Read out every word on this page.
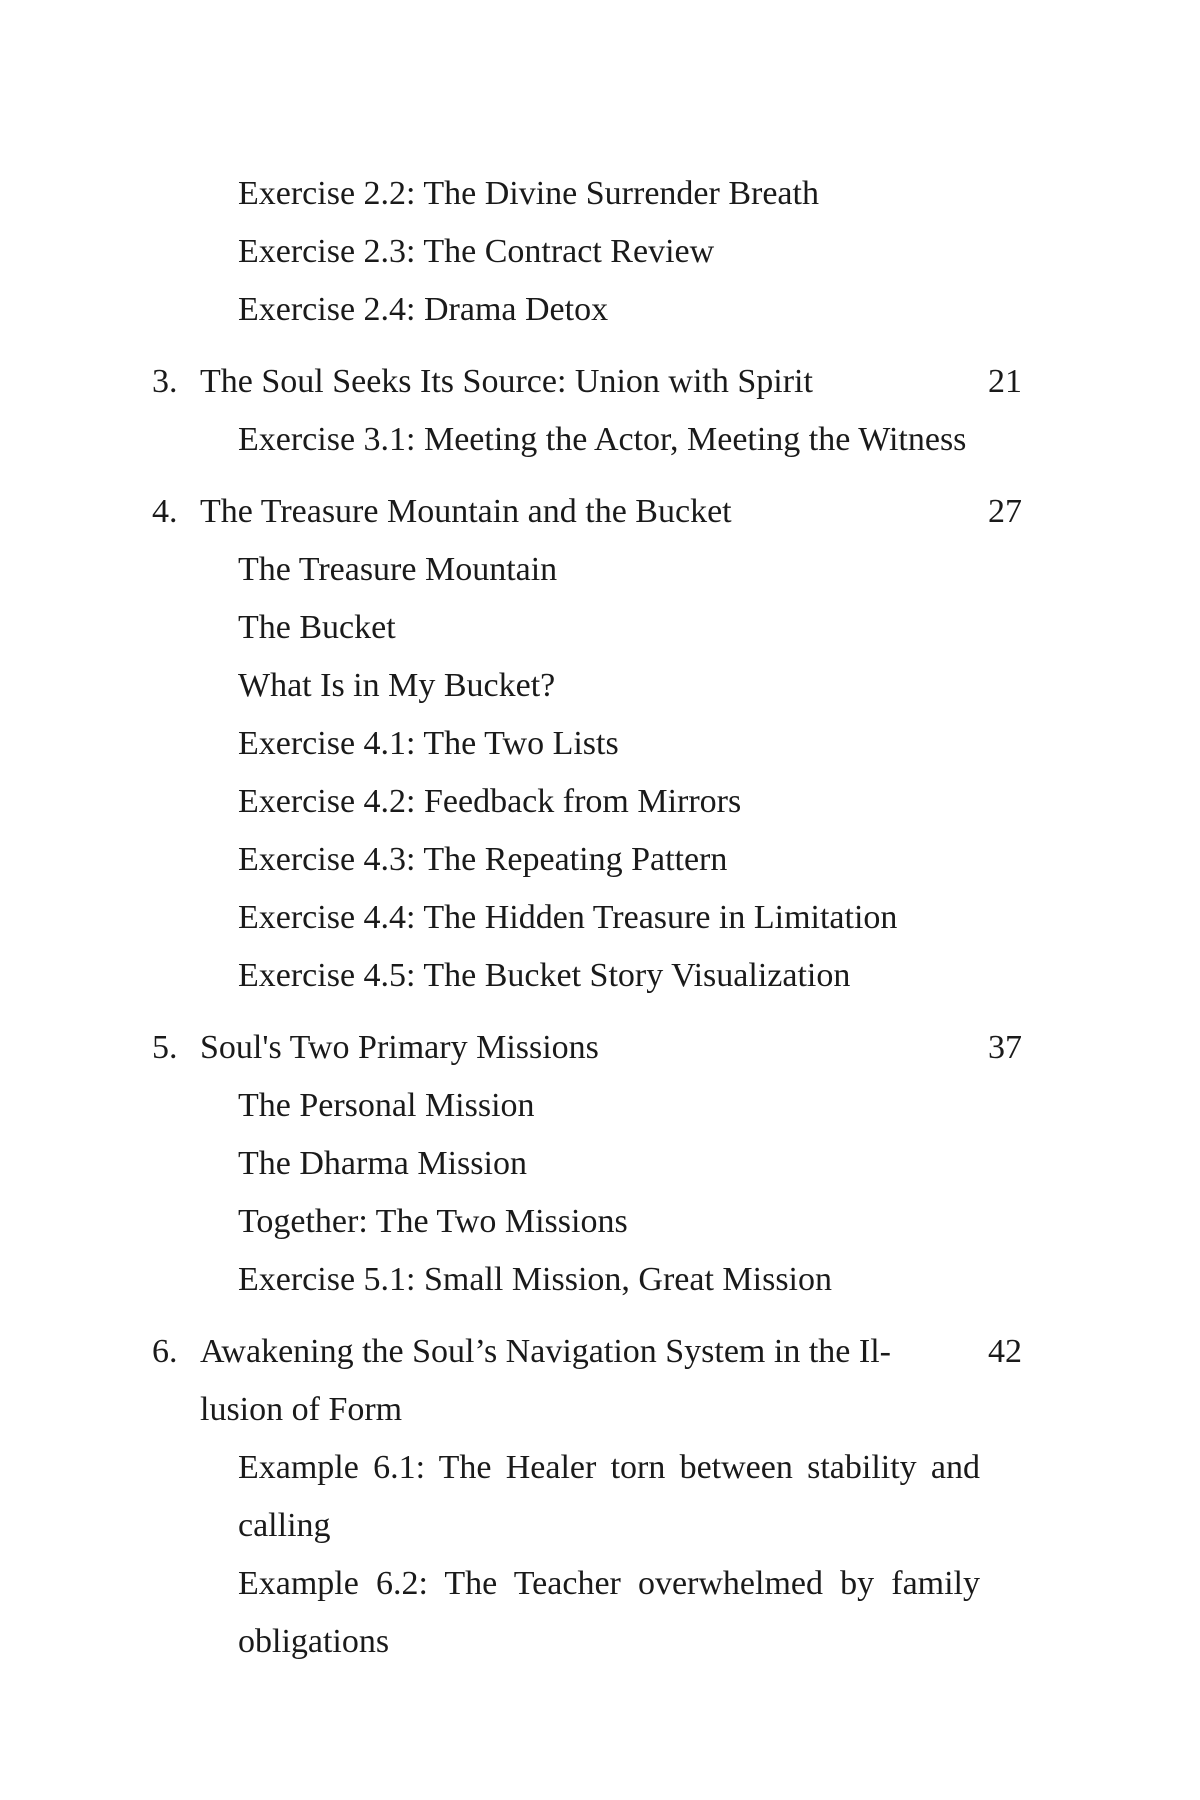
Exercise 2.2: The Divine Surrender Breath
Exercise 2.3: The Contract Review
Exercise 2.4: Drama Detox
3. The Soul Seeks Its Source: Union with Spirit	21
Exercise 3.1: Meeting the Actor, Meeting the Witness
4. The Treasure Mountain and the Bucket	27
The Treasure Mountain
The Bucket
What Is in My Bucket?
Exercise 4.1: The Two Lists
Exercise 4.2: Feedback from Mirrors
Exercise 4.3: The Repeating Pattern
Exercise 4.4: The Hidden Treasure in Limitation
Exercise 4.5: The Bucket Story Visualization
5. Soul's Two Primary Missions	37
The Personal Mission
The Dharma Mission
Together: The Two Missions
Exercise 5.1: Small Mission, Great Mission
6. Awakening the Soul’s Navigation System in the Il-	42
lusion of Form
Example 6.1: The Healer torn between stability and
calling
Example 6.2: The Teacher overwhelmed by family
obligations
